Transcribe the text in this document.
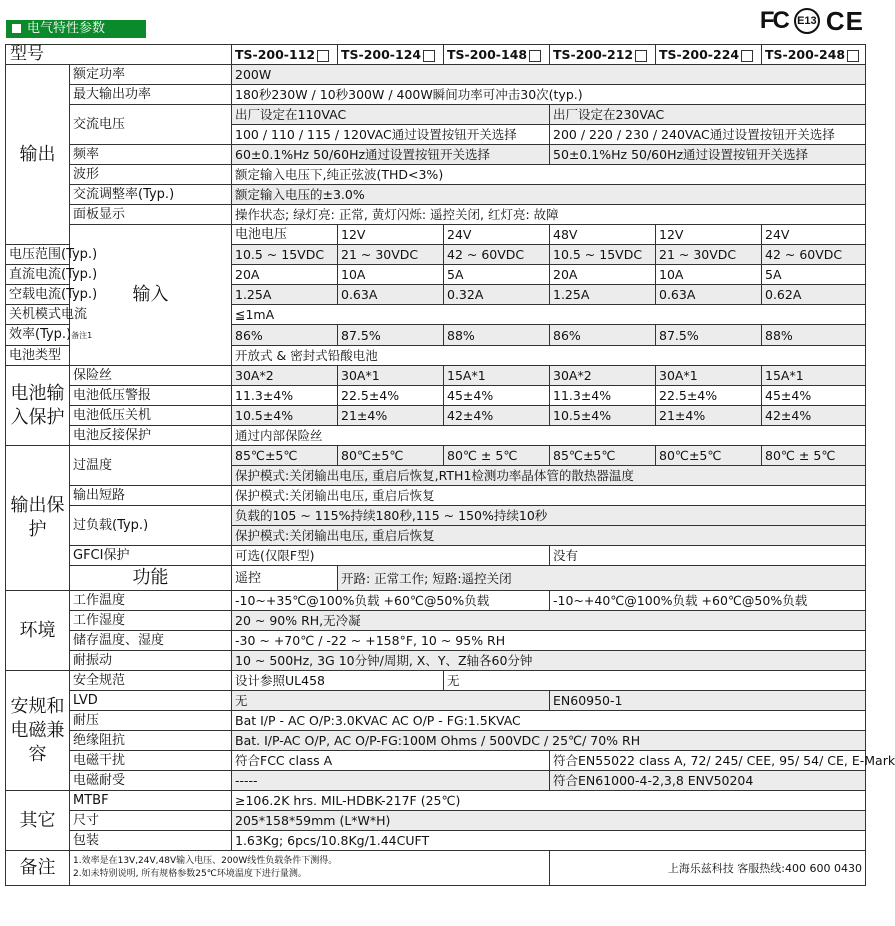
电气特性参数	FC E13 CE
型号		TS-200-112	TS-200-124	TS-200-148	TS-200-212	TS-200-224	TS-200-248	
输出	额定功率	200W						
	最大输出功率	180秒230W / 10秒300W / 400W瞬间功率可冲击30次(typ.)						
	交流电压	出厂设定在110VAC			出厂设定在230VAC			
		100 / 110 / 115 / 120VAC通过设置按钮开关选择			200 / 220 / 230 / 240VAC通过设置按钮开关选择			
	频率	60±0.1%Hz 50/60Hz通过设置按钮开关选择			50±0.1%Hz 50/60Hz通过设置按钮开关选择			
	波形	额定输入电压下,纯正弦波(THD<3%)						
	交流调整率(Typ.)	额定输入电压的±3.0%						
	面板显示	操作状态; 绿灯亮: 正常, 黄灯闪烁: 遥控关闭, 红灯亮: 故障						
	输入	电池电压	12V	24V	48V	12V	24V	
电压范围(Typ.)		10.5 ~ 15VDC	21 ~ 30VDC	42 ~ 60VDC	10.5 ~ 15VDC	21 ~ 30VDC	42 ~ 60VDC	
直流电流(Typ.)		20A	10A	5A	20A	10A	5A	
空载电流(Typ.)		1.25A	0.63A	0.32A	1.25A	0.63A	0.62A	
关机模式电流		≦1mA						
效率(Typ.)备注1		86%	87.5%	88%	86%	87.5%	88%	
电池类型		开放式 & 密封式铅酸电池						
电池输入保护	保险丝	30A*2	30A*1	15A*1	30A*2	30A*1	15A*1	
	电池低压警报	11.3±4%	22.5±4%	45±4%	11.3±4%	22.5±4%	45±4%	
	电池低压关机	10.5±4%	21±4%	42±4%	10.5±4%	21±4%	42±4%	
	电池反接保护	通过内部保险丝						
输出保护	过温度	85℃±5℃	80℃±5℃	80℃ ± 5℃	85℃±5℃	80℃±5℃	80℃ ± 5℃	
		保护模式:关闭输出电压, 重启后恢复,RTH1检测功率晶体管的散热器温度						
	输出短路	保护模式:关闭输出电压, 重启后恢复						
	过负载(Typ.)	负载的105 ~ 115%持续180秒,115 ~ 150%持续10秒						
		保护模式:关闭输出电压, 重启后恢复						
	GFCI保护	可选(仅限F型)			没有			
	功能	遥控	开路: 正常工作; 短路:遥控关闭					
环境	工作温度	-10~+35℃@100%负载 +60℃@50%负载			-10~+40℃@100%负载 +60℃@50%负载			
	工作湿度	20 ~ 90% RH,无冷凝						
	储存温度、湿度	-30 ~ +70℃ / -22 ~ +158°F, 10 ~ 95% RH						
	耐振动	10 ~ 500Hz, 3G 10分钟/周期, X、Y、Z轴各60分钟						
安规和电磁兼容	安全规范	设计参照UL458		无				
	LVD	无			EN60950-1			
	耐压	Bat I/P - AC O/P:3.0KVAC AC O/P - FG:1.5KVAC						
	绝缘阻抗	Bat. I/P-AC O/P, AC O/P-FG:100M Ohms / 500VDC / 25℃/ 70% RH						
	电磁干扰	符合FCC class A			符合EN55022 class A, 72/ 245/ CEE, 95/ 54/ CE, E-Mark			
	电磁耐受	-----			符合EN61000-4-2,3,8 ENV50204			
其它	MTBF	≥106.2K hrs. MIL-HDBK-217F (25℃)						
	尺寸	205*158*59mm (L*W*H)						
	包装	1.63Kg; 6pcs/10.8Kg/1.44CUFT						
备注	1.效率是在13V,24V,48V输入电压、200W线性负载条件下测得。
2.如未特别说明, 所有规格参数25℃环境温度下进行量测。				上海乐兹科技 客服热线:400 600 0430			
